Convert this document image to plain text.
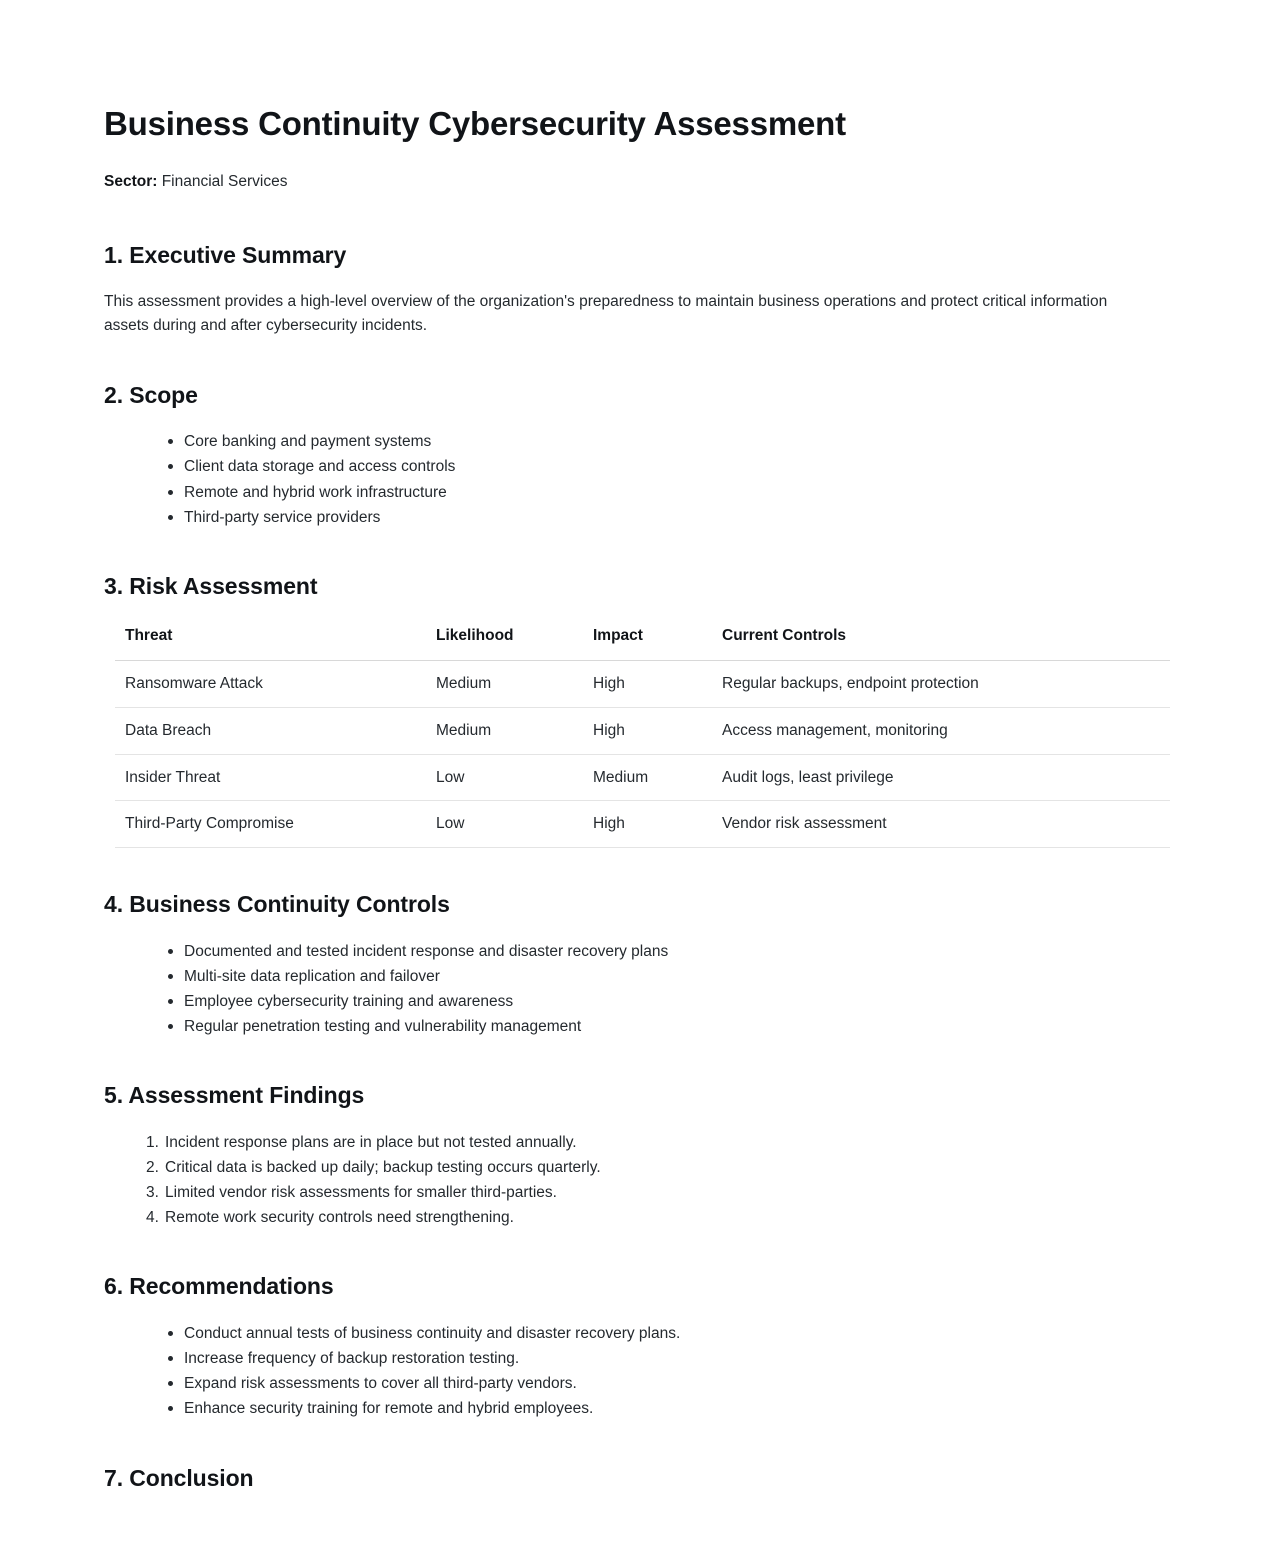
Business Continuity Cybersecurity Assessment

Sector: Financial Services

1. Executive Summary

This assessment provides a high-level overview of the organization's preparedness to maintain business operations and protect critical information assets during and after cybersecurity incidents.

2. Scope
Core banking and payment systems
Client data storage and access controls
Remote and hybrid work infrastructure
Third-party service providers
3. Risk Assessment
Threat	Likelihood	Impact	Current Controls
Ransomware Attack	Medium	High	Regular backups, endpoint protection
Data Breach	Medium	High	Access management, monitoring
Insider Threat	Low	Medium	Audit logs, least privilege
Third-Party Compromise	Low	High	Vendor risk assessment
4. Business Continuity Controls
Documented and tested incident response and disaster recovery plans
Multi-site data replication and failover
Employee cybersecurity training and awareness
Regular penetration testing and vulnerability management
5. Assessment Findings
Incident response plans are in place but not tested annually.
Critical data is backed up daily; backup testing occurs quarterly.
Limited vendor risk assessments for smaller third-parties.
Remote work security controls need strengthening.
6. Recommendations
Conduct annual tests of business continuity and disaster recovery plans.
Increase frequency of backup restoration testing.
Expand risk assessments to cover all third-party vendors.
Enhance security training for remote and hybrid employees.
7. Conclusion
